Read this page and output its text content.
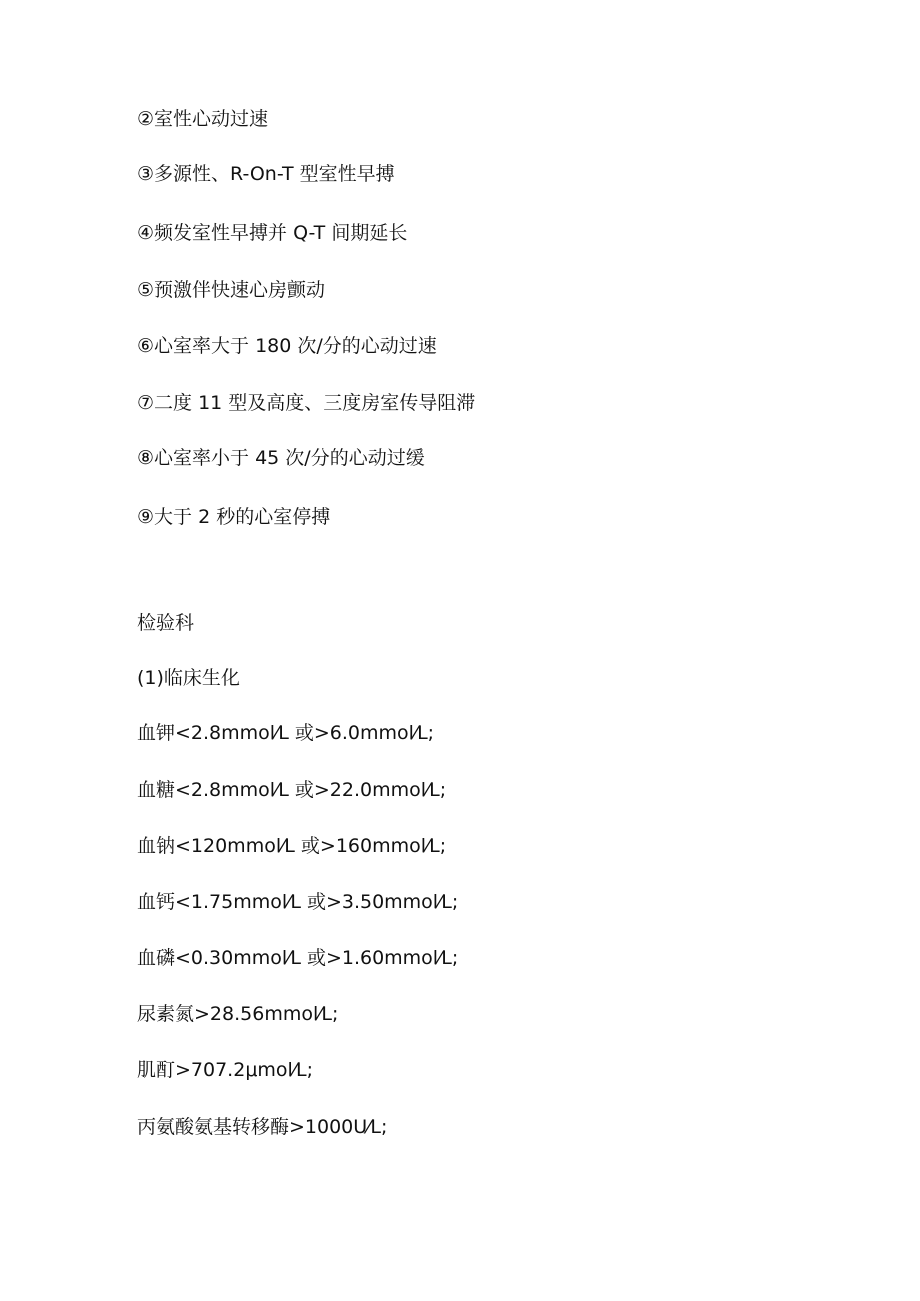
②室性心动过速
③多源性、R-On-T 型室性早搏
④频发室性早搏并 Q-T 间期延长
⑤预激伴快速心房颤动
⑥心室率大于 180 次/分的心动过速
⑦二度 11 型及高度、三度房室传导阻滞
⑧心室率小于 45 次/分的心动过缓
⑨大于 2 秒的心室停搏
检验科
(1)临床生化
血钾<2.8mmol⁄L 或>6.0mmol⁄L;
血糖<2.8mmol⁄L 或>22.0mmol⁄L;
血钠<120mmol⁄L 或>160mmol⁄L;
血钙<1.75mmol⁄L 或>3.50mmol⁄L;
血磷<0.30mmol⁄L 或>1.60mmol⁄L;
尿素氮>28.56mmol⁄L;
肌酊>707.2μmol⁄L;
丙氨酸氨基转移酶>1000U⁄L;
